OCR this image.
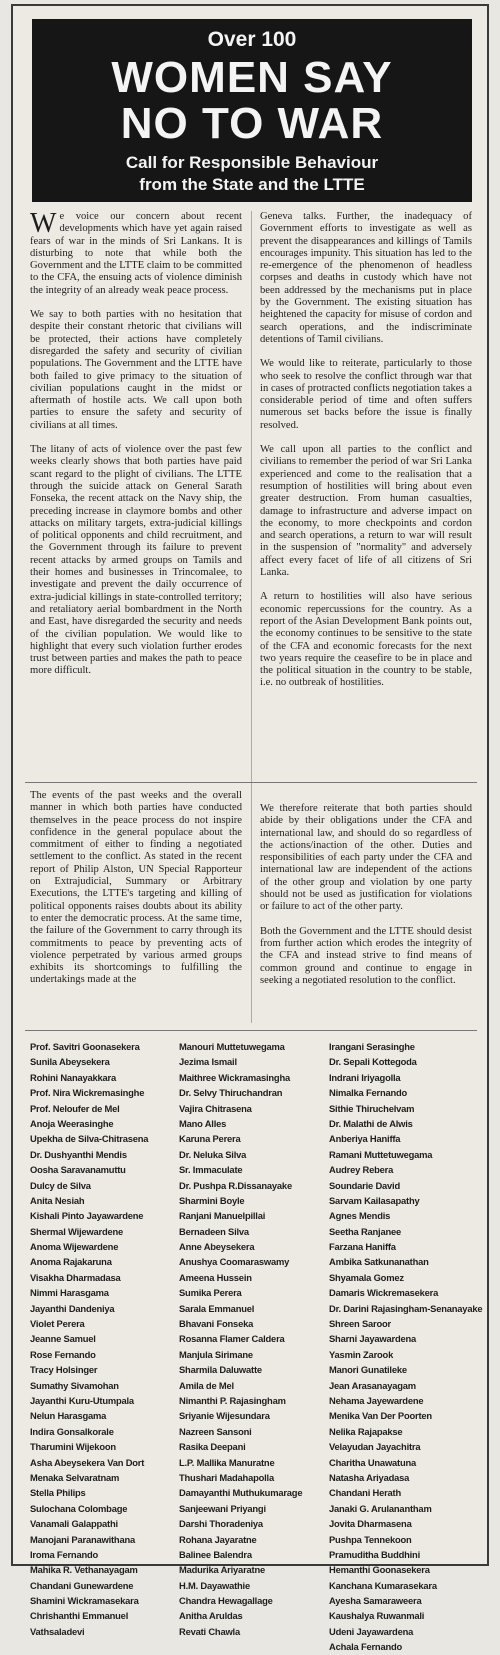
Over 100
WOMEN SAY
NO TO WAR
Call for Responsible Behaviour
from the State and the LTTE

We voice our concern about recent developments which have yet again raised fears of war in the minds of Sri Lankans. It is disturbing to note that while both the Government and the LTTE claim to be committed to the CFA, the ensuing acts of violence diminish the integrity of an already weak peace process.

We say to both parties with no hesitation that despite their constant rhetoric that civilians will be protected, their actions have completely disregarded the safety and security of civilian populations. The Government and the LTTE have both failed to give primacy to the situation of civilian populations caught in the midst or aftermath of hostile acts. We call upon both parties to ensure the safety and security of civilians at all times.

The litany of acts of violence over the past few weeks clearly shows that both parties have paid scant regard to the plight of civilians. The LTTE through the suicide attack on General Sarath Fonseka, the recent attack on the Navy ship, the preceding increase in claymore bombs and other attacks on military targets, extra-judicial killings of political opponents and child recruitment, and the Government through its failure to prevent recent attacks by armed groups on Tamils and their homes and businesses in Trincomalee, to investigate and prevent the daily occurrence of extra-judicial killings in state-controlled territory; and retaliatory aerial bombardment in the North and East, have disregarded the security and needs of the civilian population. We would like to highlight that every such violation further erodes trust between parties and makes the path to peace more difficult.

Geneva talks. Further, the inadequacy of Government efforts to investigate as well as prevent the disappearances and killings of Tamils encourages impunity. This situation has led to the re-emergence of the phenomenon of headless corpses and deaths in custody which have not been addressed by the mechanisms put in place by the Government. The existing situation has heightened the capacity for misuse of cordon and search operations, and the indiscriminate detentions of Tamil civilians.

We would like to reiterate, particularly to those who seek to resolve the conflict through war that in cases of protracted conflicts negotiation takes a considerable period of time and often suffers numerous set backs before the issue is finally resolved.

We call upon all parties to the conflict and civilians to remember the period of war Sri Lanka experienced and come to the realisation that a resumption of hostilities will bring about even greater destruction. From human casualties, damage to infrastructure and adverse impact on the economy, to more checkpoints and cordon and search operations, a return to war will result in the suspension of "normality" and adversely affect every facet of life of all citizens of Sri Lanka.

A return to hostilities will also have serious economic repercussions for the country. As a report of the Asian Development Bank points out, the economy continues to be sensitive to the state of the CFA and economic forecasts for the next two years require the ceasefire to be in place and the political situation in the country to be stable, i.e. no outbreak of hostilities.

The events of the past weeks and the overall manner in which both parties have conducted themselves in the peace process do not inspire confidence in the general populace about the commitment of either to finding a negotiated settlement to the conflict. As stated in the recent report of Philip Alston, UN Special Rapporteur on Extrajudicial, Summary or Arbitrary Executions, the LTTE's targeting and killing of political opponents raises doubts about its ability to enter the democratic process. At the same time, the failure of the Government to carry through its commitments to peace by preventing acts of violence perpetrated by various armed groups exhibits its shortcomings to fulfilling the undertakings made at the

We therefore reiterate that both parties should abide by their obligations under the CFA and international law, and should do so regardless of the actions/inaction of the other. Duties and responsibilities of each party under the CFA and international law are independent of the actions of the other group and violation by one party should not be used as justification for violations or failure to act of the other party.

Both the Government and the LTTE should desist from further action which erodes the integrity of the CFA and instead strive to find means of common ground and continue to engage in seeking a negotiated resolution to the conflict.

Prof. Savitri Goonasekera
Sunila Abeysekera
Rohini Nanayakkara
Prof. Nira Wickremasinghe
Prof. Neloufer de Mel
Anoja Weerasinghe
Upekha de Silva-Chitrasena
Dr. Dushyanthi Mendis
Oosha Saravanamuttu
Dulcy de Silva
Anita Nesiah
Kishali Pinto Jayawardene
Shermal Wijewardene
Anoma Wijewardene
Anoma Rajakaruna
Visakha Dharmadasa
Nimmi Harasgama
Jayanthi Dandeniya
Violet Perera
Jeanne Samuel
Rose Fernando
Tracy Holsinger
Sumathy Sivamohan
Jayanthi Kuru-Utumpala
Nelun Harasgama
Indira Gonsalkorale
Tharumini Wijekoon
Asha Abeysekera Van Dort
Menaka Selvaratnam
Stella Philips
Sulochana Colombage
Vanamali Galappathi
Manojani Paranawithana
Iroma Fernando
Mahika R. Vethanayagam
Chandani Gunewardene
Shamini Wickramasekara
Chrishanthi Emmanuel
Vathsaladevi
Manouri Muttetuwegama
Jezima Ismail
Maithree Wickramasingha
Dr. Selvy Thiruchandran
Vajira Chitrasena
Mano Alles
Karuna Perera
Dr. Neluka Silva
Sr. Immaculate
Dr. Pushpa R.Dissanayake
Sharmini Boyle
Ranjani Manuelpillai
Bernadeen Silva
Anne Abeysekera
Anushya Coomaraswamy
Ameena Hussein
Sumika Perera
Sarala Emmanuel
Bhavani Fonseka
Rosanna Flamer Caldera
Manjula Sirimane
Sharmila Daluwatte
Amila de Mel
Nimanthi P. Rajasingham
Sriyanie Wijesundara
Nazreen Sansoni
Rasika Deepani
L.P. Mallika Manuratne
Thushari Madahapolla
Damayanthi Muthukumarage
Sanjeewani Priyangi
Darshi Thoradeniya
Rohana Jayaratne
Balinee Balendra
Madurika Ariyaratne
H.M. Dayawathie
Chandra Hewagallage
Anitha Aruldas
Revati Chawla
Irangani Serasinghe
Dr. Sepali Kottegoda
Indrani Iriyagolla
Nimalka Fernando
Sithie Thiruchelvam
Dr. Malathi de Alwis
Anberiya Haniffa
Ramani Muttetuwegama
Audrey Rebera
Soundarie David
Sarvam Kailasapathy
Agnes Mendis
Seetha Ranjanee
Farzana Haniffa
Ambika Satkunanathan
Shyamala Gomez
Damaris Wickremasekera
Dr. Darini Rajasingham-Senanayake
Shreen Saroor
Sharni Jayawardena
Yasmin Zarook
Manori Gunatileke
Jean Arasanayagam
Nehama Jayewardene
Menika Van Der Poorten
Nelika Rajapakse
Velayudan Jayachitra
Charitha Unawatuna
Natasha Ariyadasa
Chandani Herath
Janaki G. Arulanantham
Jovita Dharmasena
Pushpa Tennekoon
Pramuditha Buddhini
Hemanthi Goonasekera
Kanchana Kumarasekara
Ayesha Samaraweera
Kaushalya Ruwanmali
Udeni Jayawardena
Achala Fernando
